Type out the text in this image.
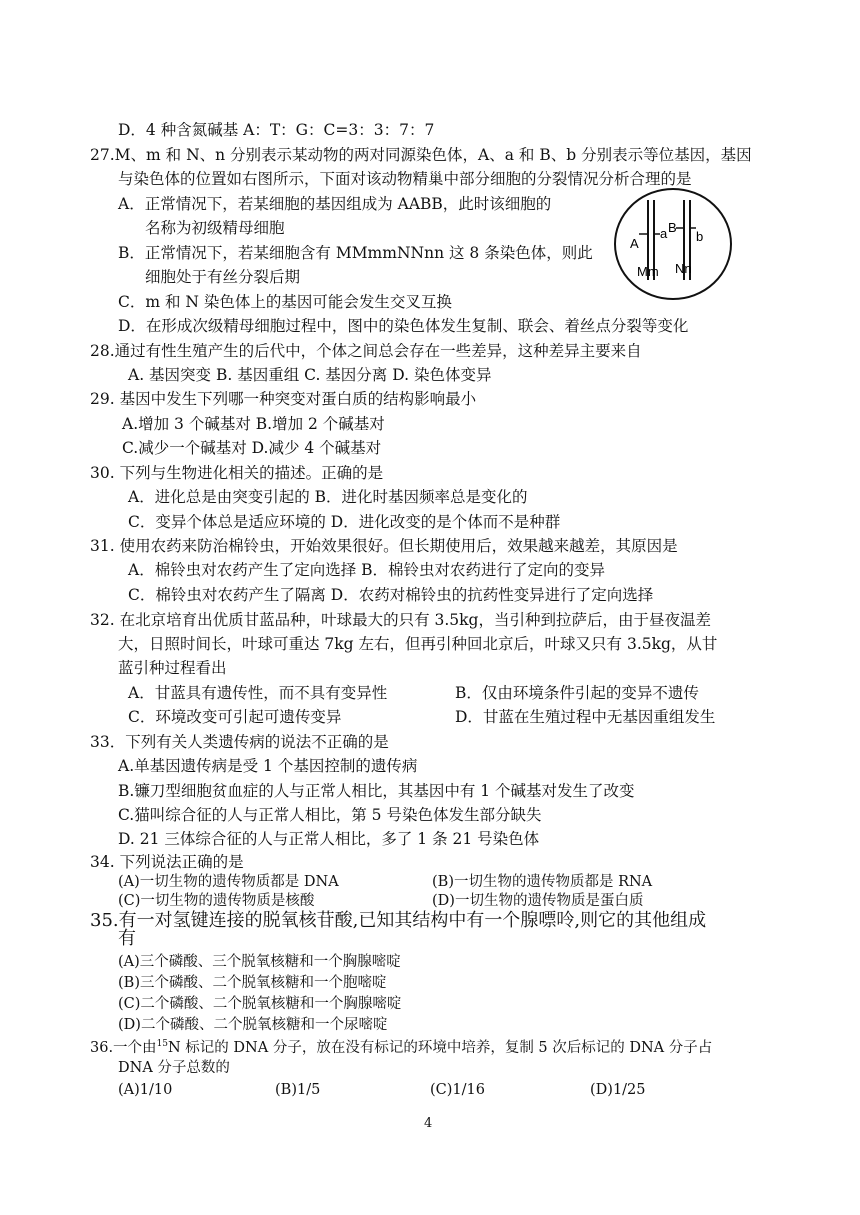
D．4 种含氮碱基 A：T：G：C=3：3：7：7
27.M、m 和 N、n 分别表示某动物的两对同源染色体，A、a 和 B、b 分别表示等位基因，基因
与染色体的位置如右图所示，下面对该动物精巢中部分细胞的分裂情况分析合理的是
A．正常情况下，若某细胞的基因组成为 AABB，此时该细胞的
名称为初级精母细胞
B．正常情况下，若某细胞含有 MMmmNNnn 这 8 条染色体，则此
细胞处于有丝分裂后期
C．m 和 N 染色体上的基因可能会发生交叉互换
D．在形成次级精母细胞过程中，图中的染色体发生复制、联会、着丝点分裂等变化
A
a B
b
Mm Nn
28.通过有性生殖产生的后代中，个体之间总会存在一些差异，这种差异主要来自
A. 基因突变 B. 基因重组 C. 基因分离 D. 染色体变异
29. 基因中发生下列哪一种突变对蛋白质的结构影响最小
A.增加 3 个碱基对 B.增加 2 个碱基对
C.减少一个碱基对 D.减少 4 个碱基对
30. 下列与生物进化相关的描述。正确的是
A．进化总是由突变引起的 B．进化时基因频率总是变化的
C．变异个体总是适应环境的 D．进化改变的是个体而不是种群
31. 使用农药来防治棉铃虫，开始效果很好。但长期使用后，效果越来越差，其原因是
A．棉铃虫对农药产生了定向选择 B．棉铃虫对农药进行了定向的变异
C．棉铃虫对农药产生了隔离 D．农药对棉铃虫的抗药性变异进行了定向选择
32. 在北京培育出优质甘蓝品种，叶球最大的只有 3.5kg，当引种到拉萨后，由于昼夜温差
大，日照时间长，叶球可重达 7kg 左右，但再引种回北京后，叶球又只有 3.5kg，从甘
蓝引种过程看出
A．甘蓝具有遗传性，而不具有变异性	B．仅由环境条件引起的变异不遗传
C．环境改变可引起可遗传变异	D．甘蓝在生殖过程中无基因重组发生
33．下列有关人类遗传病的说法不正确的是
A.单基因遗传病是受 1 个基因控制的遗传病
B.镰刀型细胞贫血症的人与正常人相比，其基因中有 1 个碱基对发生了改变
C.猫叫综合征的人与正常人相比，第 5 号染色体发生部分缺失
D. 21 三体综合征的人与正常人相比，多了 1 条 21 号染色体
34. 下列说法正确的是
(A)一切生物的遗传物质都是 DNA	(B)一切生物的遗传物质都是 RNA
(C)一切生物的遗传物质是核酸	(D)一切生物的遗传物质是蛋白质
35.有一对氢键连接的脱氧核苷酸,已知其结构中有一个腺嘌呤,则它的其他组成
有
(A)三个磷酸、三个脱氧核糖和一个胸腺嘧啶
(B)三个磷酸、二个脱氧核糖和一个胞嘧啶
(C)二个磷酸、二个脱氧核糖和一个胸腺嘧啶
(D)二个磷酸、二个脱氧核糖和一个尿嘧啶
36.一个由$^{15}$N 标记的 DNA 分子，放在没有标记的环境中培养，复制 5 次后标记的 DNA 分子占
DNA 分子总数的
(A)1/10	(B)1/5	(C)1/16	(D)1/25
4
